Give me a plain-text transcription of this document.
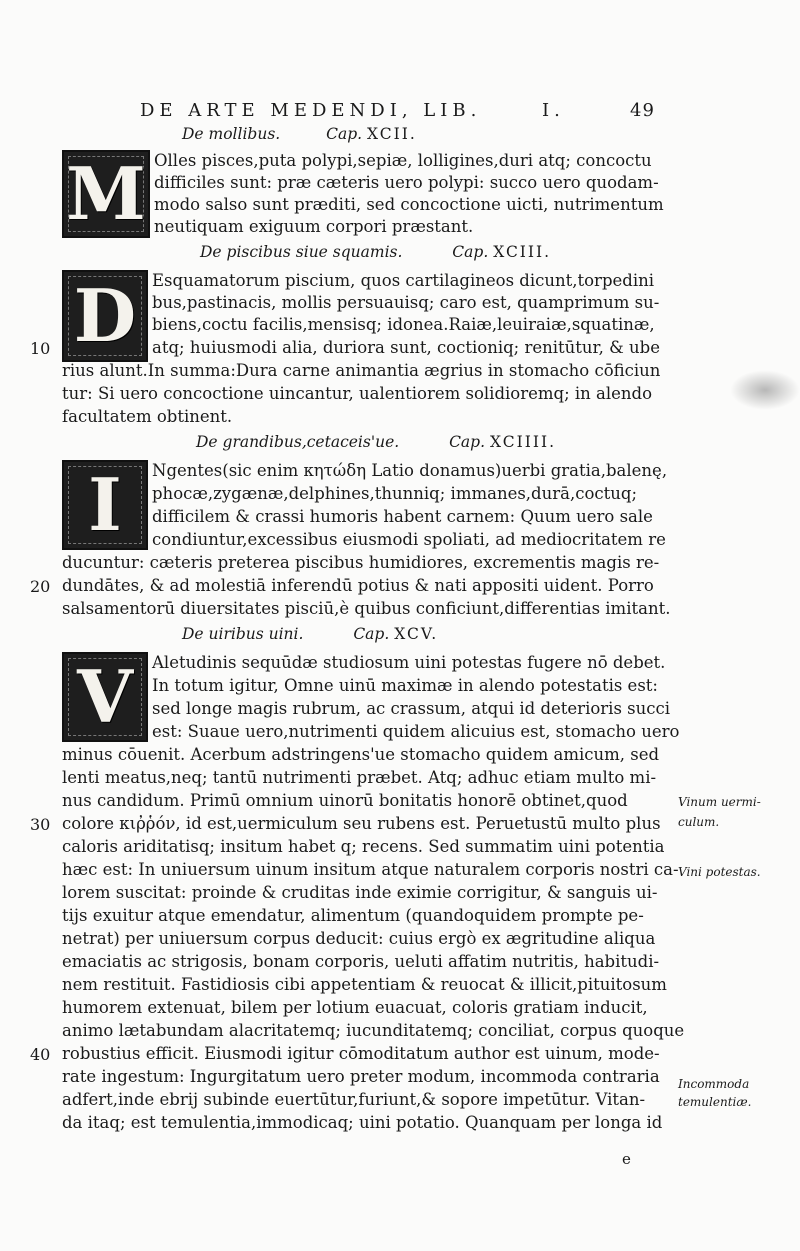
DE ARTE MEDENDI, LIB.	I.	49
De mollibus.	Cap. XCII.
M Olles pisces,puta polypi,sepiæ, lolligines,duri atq; concoctu
difficiles sunt: præ cæteris uero polypi: succo uero quodam-
modo salso sunt præditi, sed concoctione uicti, nutrimentum
neutiquam exiguum corpori præstant.
De piscibus siue squamis.	Cap. XCIII.
D Esquamatorum piscium, quos cartilagineos dicunt,torpedini
bus,pastinacis, mollis persuauisq; caro est, quamprimum su-
biens,coctu facilis,mensisq; idonea.Raiæ,leuiraiæ,squatinæ,
atq; huiusmodi alia, duriora sunt, coctioniq; renitūtur, & ube
rius alunt.In summa:Dura carne animantia ægrius in stomacho cōficiun
tur: Si uero concoctione uincantur, ualentiorem solidioremq; in alendo
facultatem obtinent.
De grandibus,cetaceis'ue.	Cap. XCIIII.
I Ngentes(sic enim κητώδη Latio donamus)uerbi gratia,balenę,
phocæ,zygænæ,delphines,thunniq; immanes,durā,coctuq;
difficilem & crassi humoris habent carnem: Quum uero sale
condiuntur,excessibus eiusmodi spoliati, ad mediocritatem re
ducuntur: cæteris preterea piscibus humidiores, excrementis magis re-
dundātes, & ad molestiā inferendū potius & nati appositi uident. Porro
salsamentorū diuersitates pisciū,è quibus conficiunt,differentias imitant.
De uiribus uini.	Cap. XCV.
V Aletudinis sequūdæ studiosum uini potestas fugere nō debet.
In totum igitur, Omne uinū maximæ in alendo potestatis est:
sed longe magis rubrum, ac crassum, atqui id deterioris succi
est: Suaue uero,nutrimenti quidem alicuius est, stomacho uero
minus cōuenit. Acerbum adstringens'ue stomacho quidem amicum, sed
lenti meatus,neq; tantū nutrimenti præbet. Atq; adhuc etiam multo mi-
nus candidum. Primū omnium uinorū bonitatis honorē obtinet,quod
colore κιῤῥόν, id est,uermiculum seu rubens est. Peruetustū multo plus
caloris ariditatisq; insitum habet q; recens. Sed summatim uini potentia
hæc est: In uniuersum uinum insitum atque naturalem corporis nostri ca-
lorem suscitat: proinde & cruditas inde eximie corrigitur, & sanguis ui-
tijs exuitur atque emendatur, alimentum (quandoquidem prompte pe-
netrat) per uniuersum corpus deducit: cuius ergò ex ægritudine aliqua
emaciatis ac strigosis, bonam corporis, ueluti affatim nutritis, habitudi-
nem restituit. Fastidiosis cibi appetentiam & reuocat & illicit,pituitosum
humorem extenuat, bilem per lotium euacuat, coloris gratiam inducit,
animo lætabundam alacritatemq; iucunditatemq; conciliat, corpus quoque
robustius efficit. Eiusmodi igitur cōmoditatum author est uinum, mode-
rate ingestum: Ingurgitatum uero preter modum, incommoda contraria
adfert,inde ebrij subinde euertūtur,furiunt,& sopore impetūtur. Vitan-
da itaq; est temulentia,immodicaq; uini potatio. Quanquam per longa id
10
20
30
40
Vinum uermi-
culum.
Vini potestas.
Incommoda
temulentiæ.
e
